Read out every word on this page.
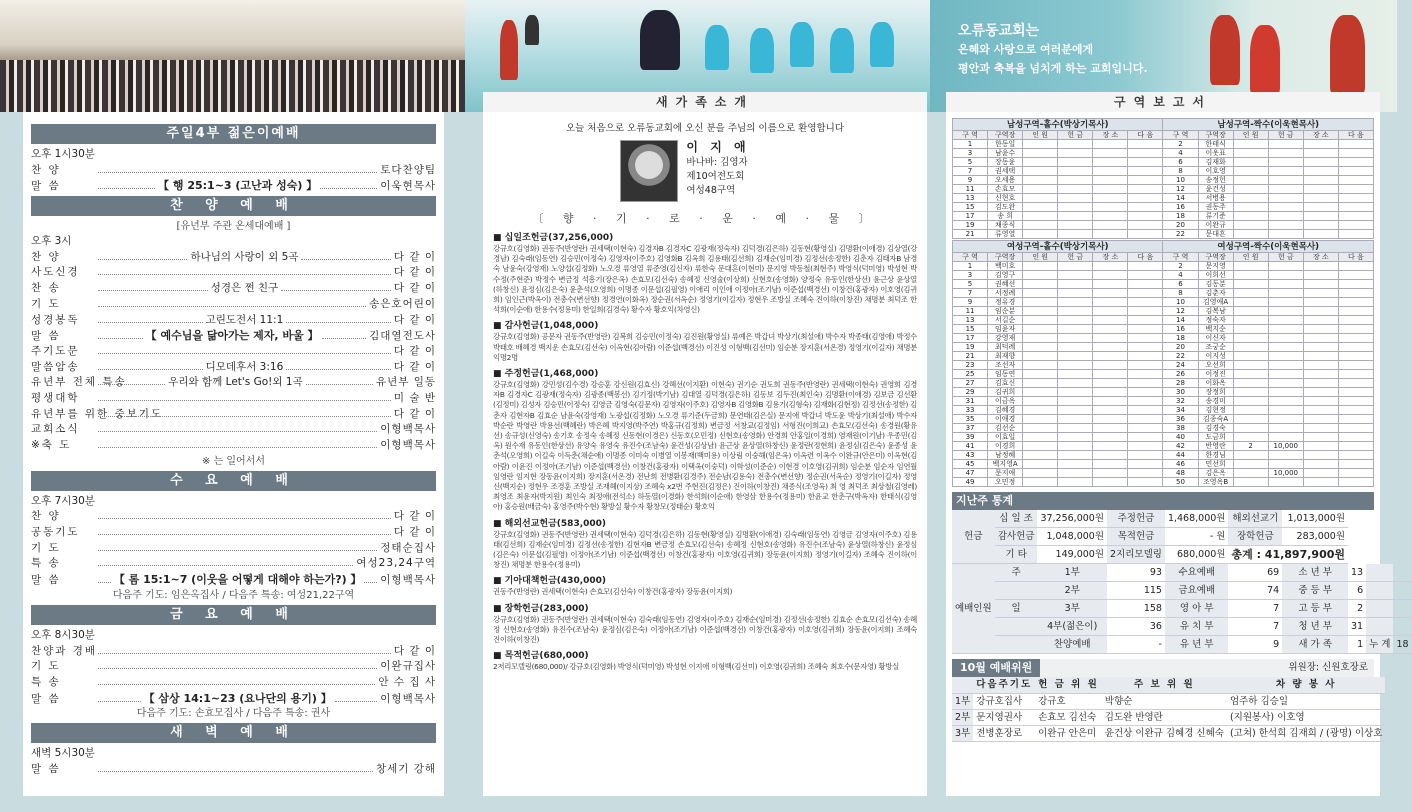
오류동교회는
은혜와 사랑으로 여러분에게
평안과 축복을 넘치게 하는 교회입니다.
새가족소개	구역보고서
주일4부 젊은이예배
오후 1시30분
찬 양	토다찬양팀
말 씀	【 행 25:1~3 (고난과 성숙) 】	이욱현목사
찬 양 예 배
[유년부 주관 온세대예배 ]
오후 3시
찬 양	하나님의 사랑이 외 5곡	다 같 이
사도신경	다 같 이
찬 송	성경은 쩐 친구	다 같 이
기 도	송은호어린이
성경봉독	고린도전서 11:1	다 같 이
말 씀	【 예수님을 닮아가는 제자, 바울 】	김대열전도사
주기도문	다 같 이
말씀암송	디모데후서 3:16	다 같 이
유년부 전체 특송	우리와 함께 Let's Go!외 1곡	유년부 일동
평생대학	미 술 반
유년부를 위한 중보기도	다 같 이
교회소식	이형백목사
※축 도	이형백목사
※ 는 일어서서
수 요 예 배
오후 7시30분
찬 양	다 같 이
공동기도	다 같 이
기 도	정태순집사
특 송	여성23,24구역
말 씀	【 롬 15:1~7 (이웃을 어떻게 대해야 하는가?) 】 이형백목사
다음주 기도: 임은옥집사 / 다음주 특송: 여성21,22구역
금 요 예 배
오후 8시30분
찬양과 경배	다 같 이
기 도	이완규집사
특 송	안 수 집 사
말 씀	【 삼상 14:1~23 (요나단의 용기) 】	이형백목사
다음주 기도: 손효모집사 / 다음주 특송: 권사
새 벽 예 배
새벽 5시30분
말 씀	창세기 강해
오늘 처음으로 오류동교회에 오신 분을 주님의 이름으로 환영합니다
이 지 애
바나바: 김영자
제10여전도회
여성48구역
〔 향 · 기 · 로 · 운 · 예 · 물 〕
■ 십일조헌금(37,256,000)

강규호(김영화) 권동주(반영란) 권세택(이현숙) 김경자B 김경자C 김광재(정숙자) 김덕경(김은하) 김동현(황영실) 김명환(이애경) 김상열(강경남) 김숙래(임동연) 김승민(이정숙) 김영자(이주호) 김영화B 김옥희 김용태(김선희) 김재순(임미경) 김정선(송정한) 김춘자 김태자B 남경숙 남윤숙(강영재) 노양섭(김정화) 노오경 류영열 류준영(김신자) 류한숙 문대흔(이현미) 문지영 박동철(최현주) 박영식(덕미영) 박성현 박수정(주현준) 박정수 변금정 석흥기(장은옥) 손효모(김선숙) 송혜정 신영술(이상희) 신현호(송영화) 양정숙 유동인(한상선) 윤근상 윤상열(하창신) 윤정심(김은숙) 윤춘석(오영희) 이명종 이문섭(김필영) 이애리 이인애 이정아(조기남) 이준섭(백경선) 이창건(홍광자) 이호영(김귀희) 임인근(박옥이) 전총수(변선향) 정경연(이화옥) 정순권(서옥순) 정영기(이길자) 정현우 조방실 조혜숙 진이하(이창진) 채명분 최덕조 한석희(이순애) 한용수(정용미) 한일희(김경숙) 황수자 황호익(차영신)

■ 감사헌금(1,048,000)

강규호(김영화) 공문자 권동주(반영란) 김복희 김승민(이정숙) 김진원(황영실) 류예은 박갑녀 박상기(최설애) 박수자 박종태(김영애) 박정수 박태호 배혜경 백지운 손효모(김선숙) 이옥현(김아람) 이준섭(백경선) 이진성 이형백(김선미) 임순분 장지훈(서온경) 정영기(이길자) 채명분 익명2명

■ 주정헌금(1,468,000)

강규호(김영화) 강민성(김수경) 강승훈 강신원(김효신) 강혜선(이지환) 이현숙) 권기순 권도희 권동주(반영란) 권세택(이현숙) 권영희 김경자B 김경자C 김광재(정숙자) 김광종(백봉선) 김기정(박기남) 김대열 김덕경(김은하) 김동보 김두진(최인숙) 김명환(이애경) 김보금 김선환(김정미) 김성자 김승민(이정숙) 김영금 김영숙(김문자) 김영자(이주호) 김영자B 김영화B 김용기(김형숙) 김재화(김현정) 김정선(송정한) 김춘자 김현자B 김효순 남윤숙(강영재) 노광섭(김정화) 노오경 류기준(두금희) 문연태(김은실) 문지애 박갑녀 박도윤 박상기(최설애) 박수자 박순란 박영란 박용선(백혜란) 박은혜 박지영(박주연) 박홍규(김정희) 변금정 서창교(김정임) 서형진(이희교) 손효모(김선숙) 송경원(황유선) 송규성(신영숙) 송기호 송정숙 송혜정 신동현(이경은) 신동호(오민정) 신현호(송영화) 안경희 안홍일(이경희) 염재원(이기남) 우종민(김 옥) 원수재 유동인(한상선) 유양숙 유영숙 유진수(조남숙) 윤건성(김상남) 윤근상 윤상열(하창신) 윤정란(정현희) 윤정심(김은숙) 윤종성 윤춘석(오영희) 이길숙 이득춘(채순애) 이명종 이미숙 이병열 이봉재(백미용) 이상림 이숭해(임은옥) 이옥련 이옥수 이완규(안은미) 이옥현(김아람) 이윤진 이정아(조기남) 이준섭(백경선) 이창건(홍광자) 이택옥(이숭덕) 이학성(이준순) 이현경 이호영(김귀희) 임순분 임순자 임연월 임영란 임지현 장동윤(이지희) 장지훈(서온경) 전난희 전병환(김경주) 전순남(김용숙) 전총수(변선향) 정순권(서옥순) 정영기(이길자) 정영신(백지순) 정현우 조경훈 조방실 조재헤(이지상) 조혜숙 x2번 주현진(김정은) 진이하(이창진) 채종식(조영옥) 최 영 최덕조 최상철(김영레) 최영조 최윤자(박지원) 최인숙 최정애(전석소) 하동열(이경화) 한석희(이순애) 한영삼 한용수(정용미) 한윤교 한춘구(박옥자) 한태식(김영아) 홍승원(배금숙) 홍영주(박수현) 황방실 황수자 황창모(정태순) 황호익

■ 해외선교헌금(583,000)

강규호(김영화) 권동주(반영란) 권세택(이현숙) 김덕경(김은하) 김동현(황영실) 김명환(이애경) 김숙래(임동연) 김영금 김영자(이주호) 김용태(김선희) 김재순(임미경) 김정선(송정한) 김현자B 변금정 손효모(김선숙) 송혜정 신현호(송영화) 유진수(조남숙) 윤상열(하창신) 윤정심(김은숙) 이문섭(김필영) 이정아(조기남) 이준섭(백경선) 이창건(홍광자) 이호영(김귀희) 장동윤(이지희) 정영기(이길자) 조혜숙 진이하(이창진) 채명분 한용수(정용미)

■ 기아대책헌금(430,000)

권동주(반영란) 권세택(이현숙) 손효모(김선숙) 이창건(홍광자) 장동윤(이지희)

■ 장학헌금(283,000)

강규호(김영화) 권동주(반영란) 권세택(이현숙) 김숙래(임동연) 김영자(이주호) 김재순(임미경) 김정선(송정한) 김효순 손효모(김선숙) 송혜정 신현호(송영화) 유진수(조남숙) 윤정심(김은숙) 이정아(조기남) 이준섭(백경선) 이창건(홍광자) 이호영(김귀희) 장동윤(이지희) 조혜숙 진이하(이창진)

■ 목적헌금(680,000)

2저리모델링(680,000)/ 강규호(김영화) 박영식(덕미영) 박성현 이지애 이형백(김선미) 이호영(김귀희) 조혜숙 최호수(문자영) 황방실

남성구역-홀수(박상기목사)						남성구역-짝수(이욱현목사)					
구 역	구역장	인 원	헌 금	장 소	다 음	구 역	구역장	인 원	헌 금	장 소	다 음
1	한동일					2	한태식				
3	남윤수					4	이옷표				
5	장동윤					6	김재화				
7	권세택					8	이호영				
9	오세용					10	송정헌				
11	손효모					12	윤건성				
13	신현호					14	서병용				
15	김도완					16	권동주				
17	송 희					18	류기준				
19	채종식					20	이완규				
21	류영열					22	문대흔				
여성구역-홀수(박상기목사)						여성구역-짝수(이욱현목사)					
구 역	구역장	인 원	헌 금	장 소	다 음	구 역	구역장	인 원	헌 금	장 소	다 음
1	백미호					2	문지영				
3	김영구					4	이희선				
5	권혜선					6	김동분				
7	서정례					8	김춘자				
9	정유경					10	김영애A				
11	임순분					12	김복남				
13	서길순					14	정숙자				
15	임윤자					16	백지순				
17	강영재					18	이신자				
19	최덕례					20	조궁순				
21	최재향					22	이지성				
23	조선자					24	오선희				
25	임동연					26	이정진				
27	김효신					28	이화옥				
29	김귀희					30	장정희				
31	이금옥					32	송경미				
33	김혜경					34	김현정				
35	이애경					36	김종숙A				
37	김선순					38	김경숙				
39	이효일					40	도금희				
41	이경희					42	반영란	2	10,000		
43	남정혜					44	한경님				
45	백지영A					46	민선희				
47	문지애					48	김은옥		10,000		
49	오민정					50	조영옥B				
지난주 통계
헌금	십 일 조	37,256,000원	주정헌금	1,468,000원	해외선교기	1,013,000원			
	감사헌금	1,048,000원	목적헌금	- 원	장학헌금	283,000원			
	기 타	149,000원	2지리모델링	680,000원	총계 : 41,897,900원				
예배인원	주	1부	93	수요예배	69	소 년 부	13		
		2부	115	금요예배	74	중 등 부	6		
	일	3부	158	영 아 부	7	고 등 부	2		
		4부(젊은이)	36	유 치 부	7	청 년 부	31		
		찬양예배	-	유 년 부	9	새 가 족	1	누 계	18
10월 예배위원	위원장: 신원호장로
	다음주기도	헌 금 위 원	주 보 위 원	차 량 봉 사
1부	강규호집사	강규호	박향순	엄주하 김승일
2부	문지영권사	손효모 김선숙	김도완 반영란	(지원봉사) 이호영
3부	전병훈장로	이완규 안은미	윤건상 이완규 김혜경 신혜숙	(고쳐) 한석희 김재희 / (광명) 이상호
